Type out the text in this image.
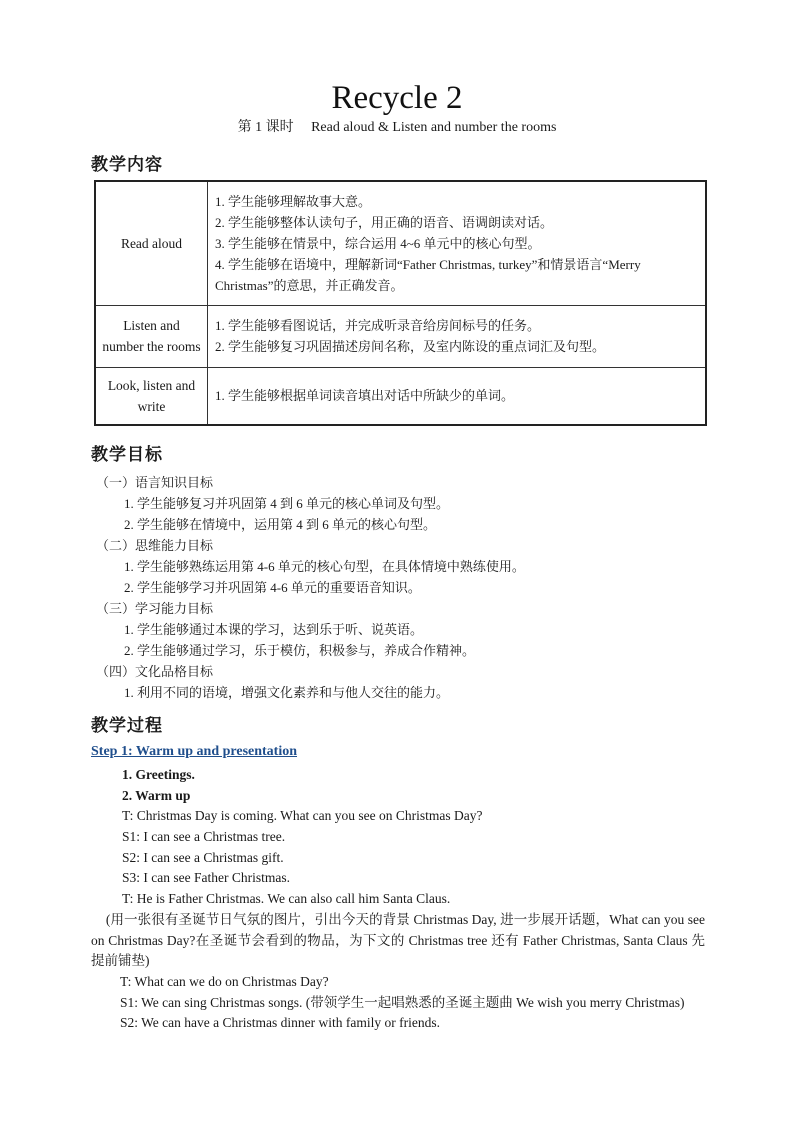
Recycle 2
第 1 课时 Read aloud & Listen and number the rooms
教学内容
Read aloud	1. 学生能够理解故事大意。
2. 学生能够整体认读句子，用正确的语音、语调朗读对话。
3. 学生能够在情景中，综合运用 4~6 单元中的核心句型。
4. 学生能够在语境中，理解新词“Father Christmas, turkey”和情景语言“Merry Christmas”的意思，并正确发音。

Listen and number the rooms	1. 学生能够看图说话，并完成听录音给房间标号的任务。
2. 学生能够复习巩固描述房间名称，及室内陈设的重点词汇及句型。

Look, listen and write	1. 学生能够根据单词读音填出对话中所缺少的单词。
教学目标
（一）语言知识目标
1. 学生能够复习并巩固第 4 到 6 单元的核心单词及句型。
2. 学生能够在情境中，运用第 4 到 6 单元的核心句型。
（二）思维能力目标
1. 学生能够熟练运用第 4-6 单元的核心句型，在具体情境中熟练使用。
2. 学生能够学习并巩固第 4-6 单元的重要语音知识。
（三）学习能力目标
1. 学生能够通过本课的学习，达到乐于听、说英语。
2. 学生能够通过学习，乐于模仿，积极参与，养成合作精神。
（四）文化品格目标
1. 利用不同的语境，增强文化素养和与他人交往的能力。
教学过程
Step 1: Warm up and presentation
1. Greetings.
2. Warm up
T: Christmas Day is coming. What can you see on Christmas Day?
S1: I can see a Christmas tree.
S2: I can see a Christmas gift.
S3: I can see Father Christmas.
T: He is Father Christmas. We can also call him Santa Claus.
(用一张很有圣诞节日气氛的图片，引出今天的背景 Christmas Day, 进一步展开话题，What can you see on Christmas Day?在圣诞节会看到的物品，为下文的 Christmas tree 还有 Father Christmas, Santa Claus 先提前铺垫)
T: What can we do on Christmas Day?
S1: We can sing Christmas songs. (带领学生一起唱熟悉的圣诞主题曲 We wish you merry Christmas)
S2: We can have a Christmas dinner with family or friends.
